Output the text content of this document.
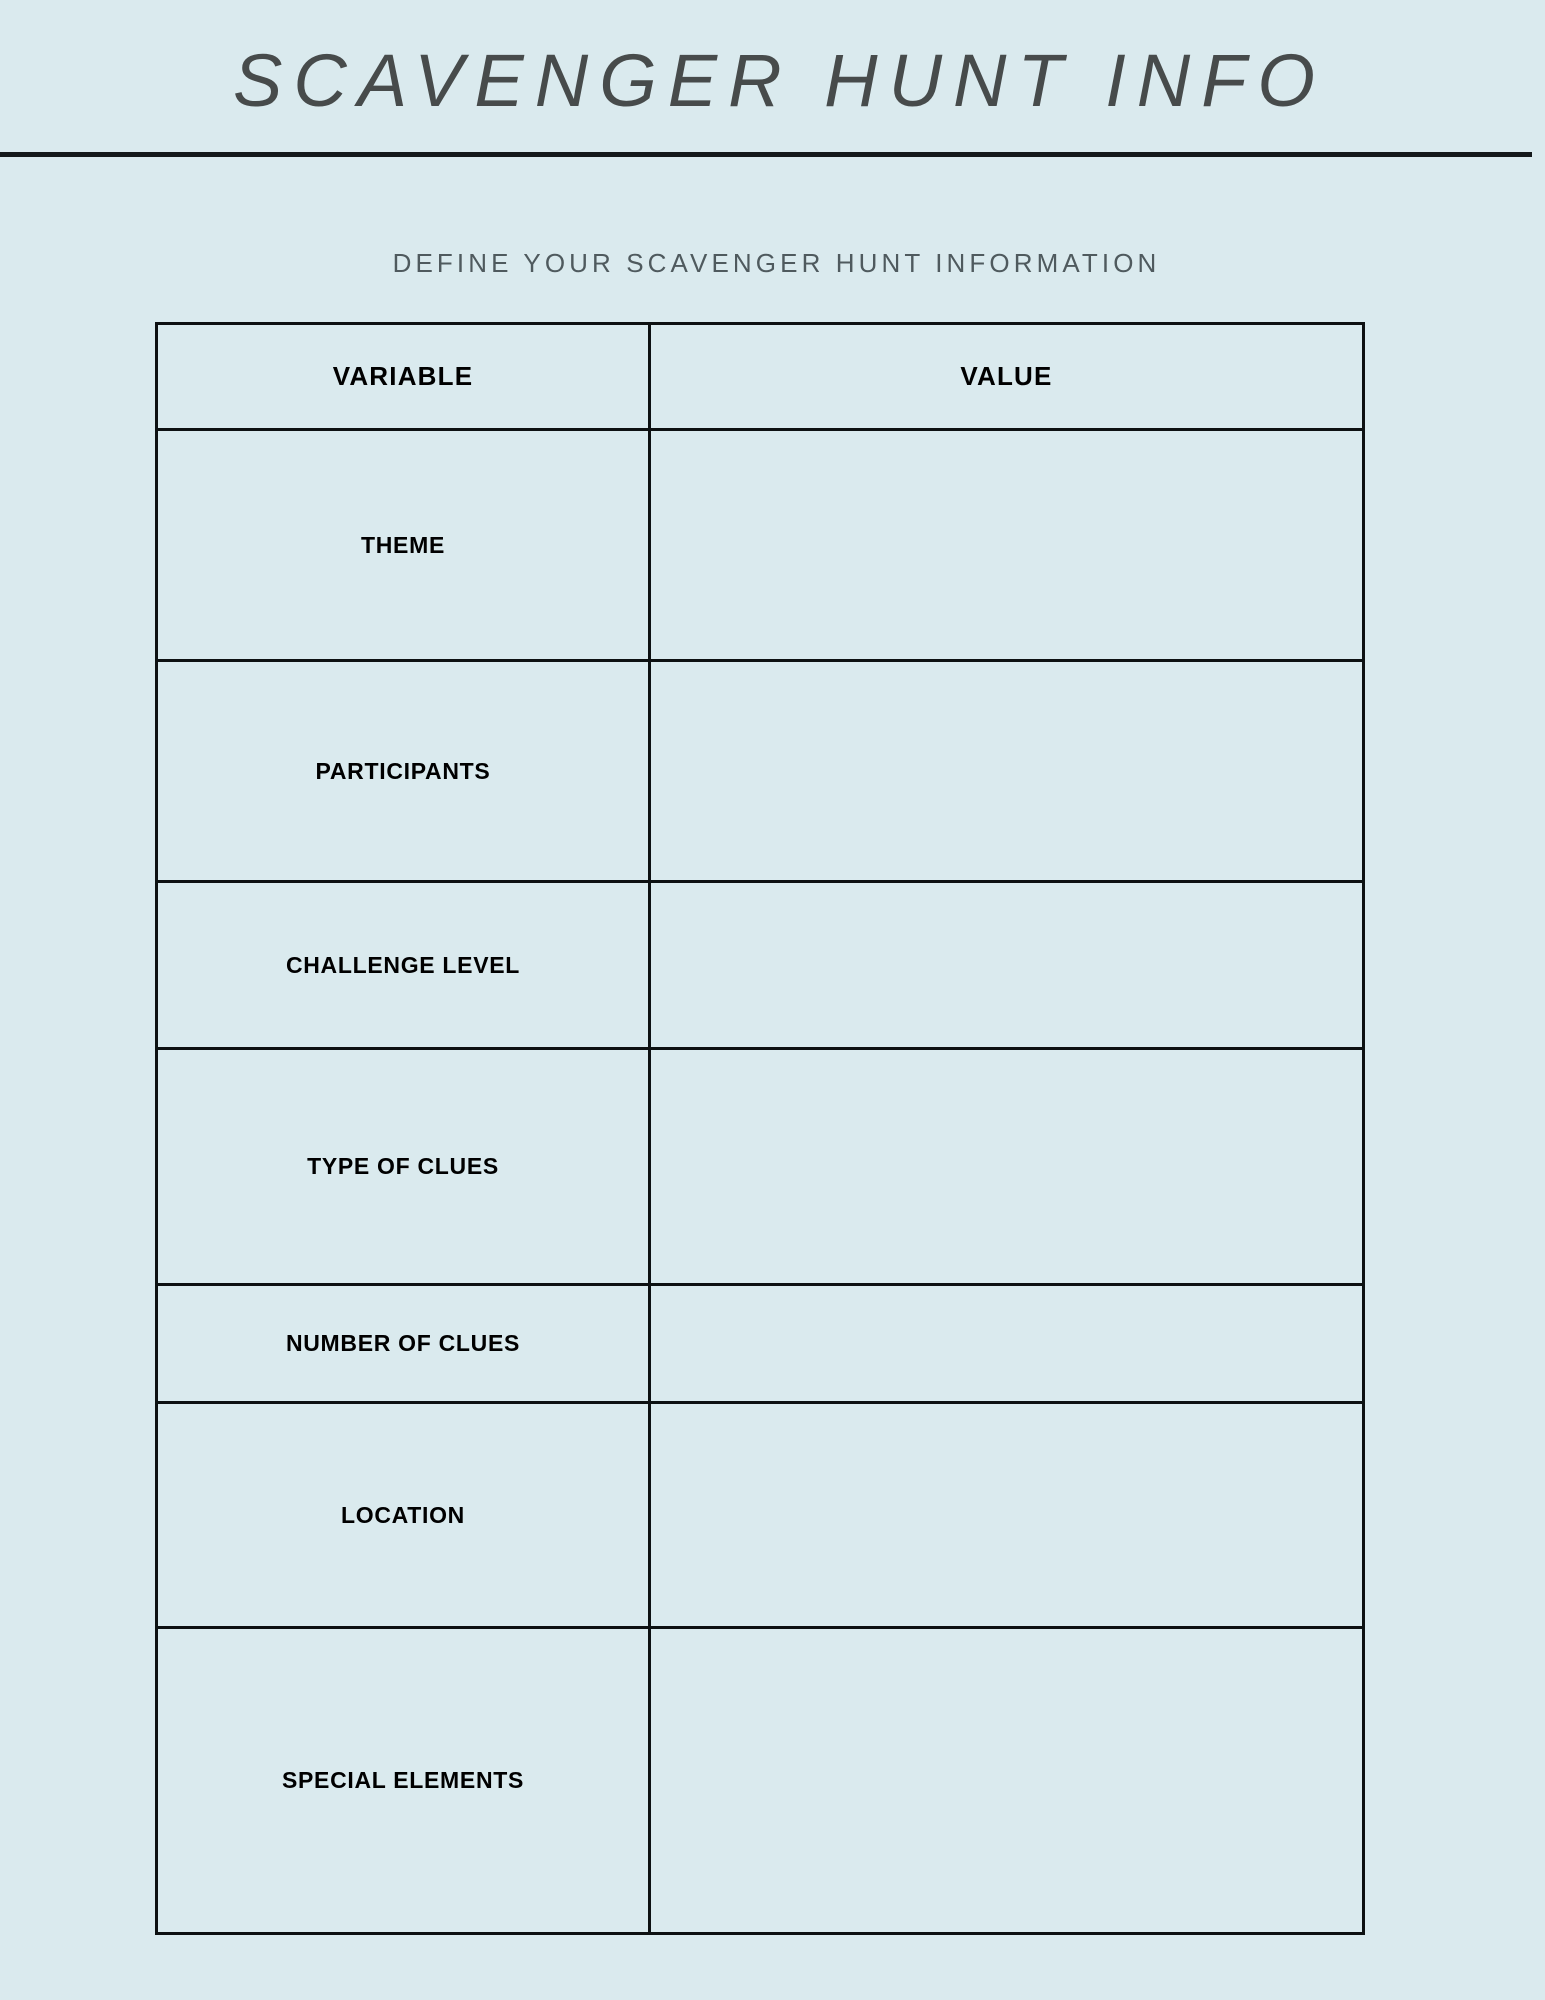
SCAVENGER HUNT INFO
DEFINE YOUR SCAVENGER HUNT INFORMATION
VARIABLE	VALUE
THEME	
PARTICIPANTS	
CHALLENGE LEVEL	
TYPE OF CLUES	
NUMBER OF CLUES	
LOCATION	
SPECIAL ELEMENTS	
